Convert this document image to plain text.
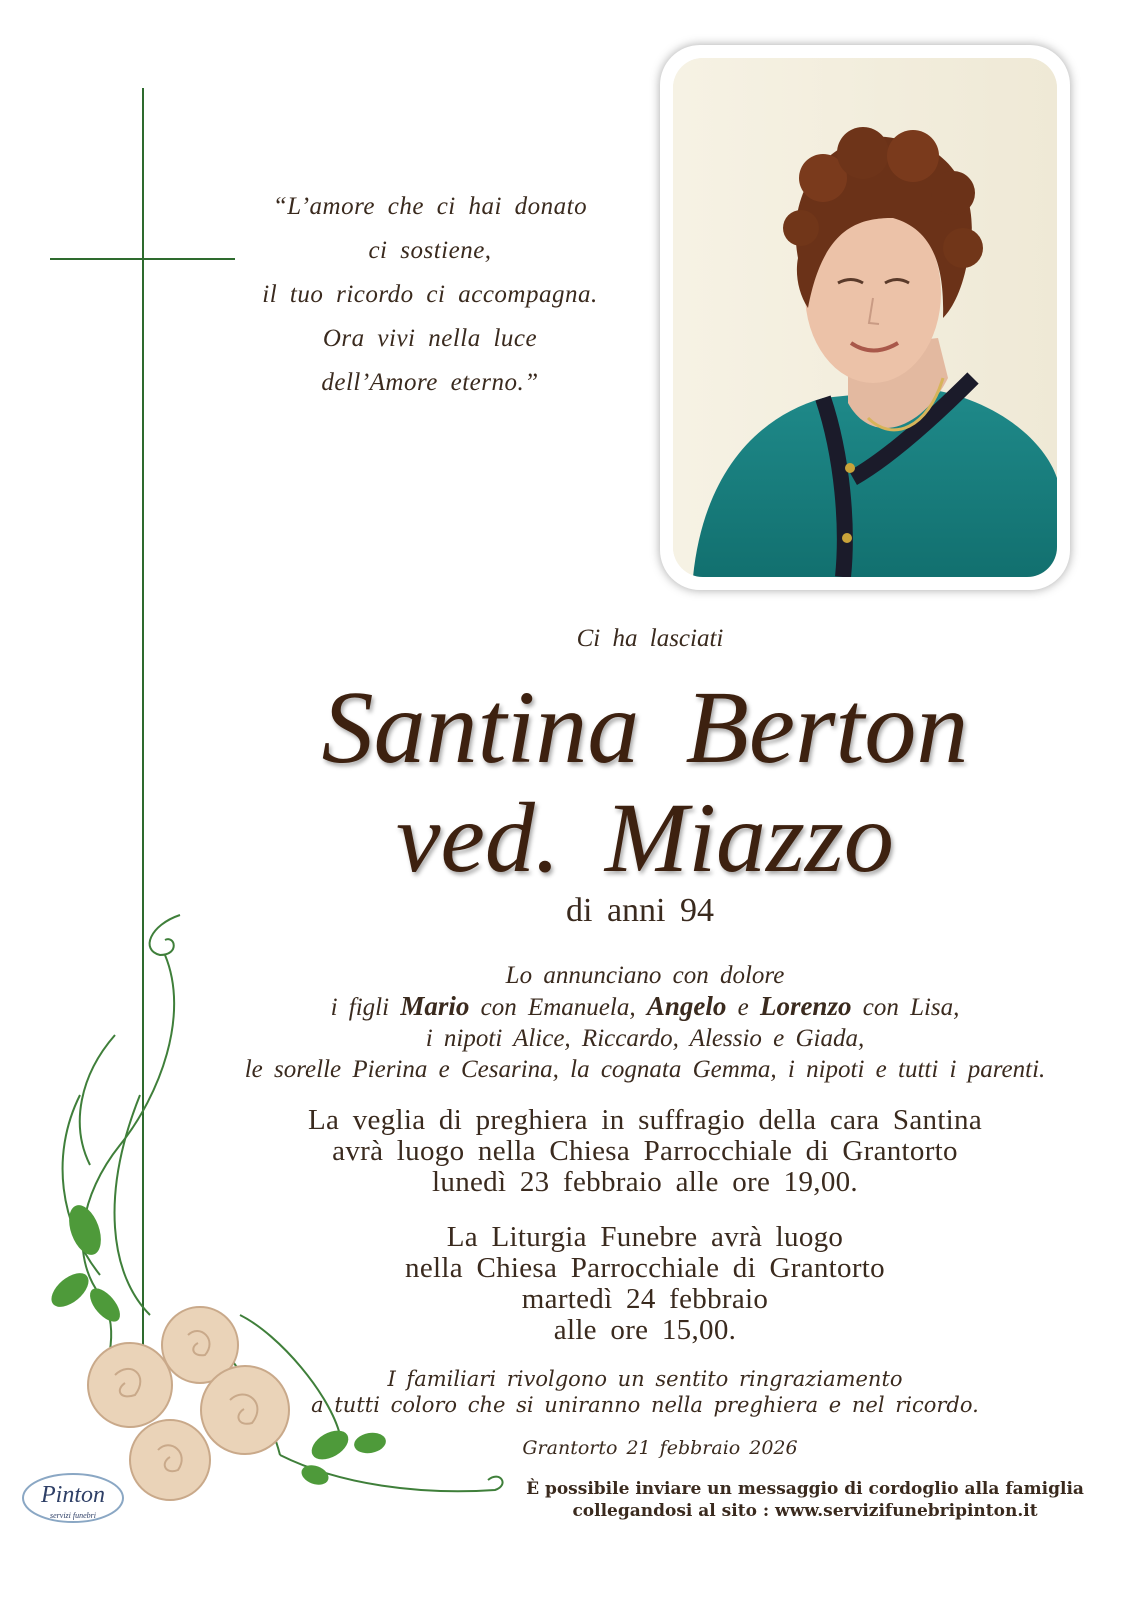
“L’amore che ci hai donato
ci sostiene,
il tuo ricordo ci accompagna.
Ora vivi nella luce
dell’Amore eterno.”
Ci ha lasciati
Santina Berton
ved. Miazzo
di anni 94
Lo annunciano con dolore
i figli Mario con Emanuela, Angelo e Lorenzo con Lisa,
i nipoti Alice, Riccardo, Alessio e Giada,
le sorelle Pierina e Cesarina, la cognata Gemma, i nipoti e tutti i parenti.
La veglia di preghiera in suffragio della cara Santina
avrà luogo nella Chiesa Parrocchiale di Grantorto
lunedì 23 febbraio alle ore 19,00.
La Liturgia Funebre avrà luogo
nella Chiesa Parrocchiale di Grantorto
martedì 24 febbraio
alle ore 15,00.
I familiari rivolgono un sentito ringraziamento
a tutti coloro che si uniranno nella preghiera e nel ricordo.
Grantorto 21 febbraio 2026
È possibile inviare un messaggio di cordoglio alla famiglia
collegandosi al sito : www.servizifunebripinton.it
Pinton
servizi funebri
